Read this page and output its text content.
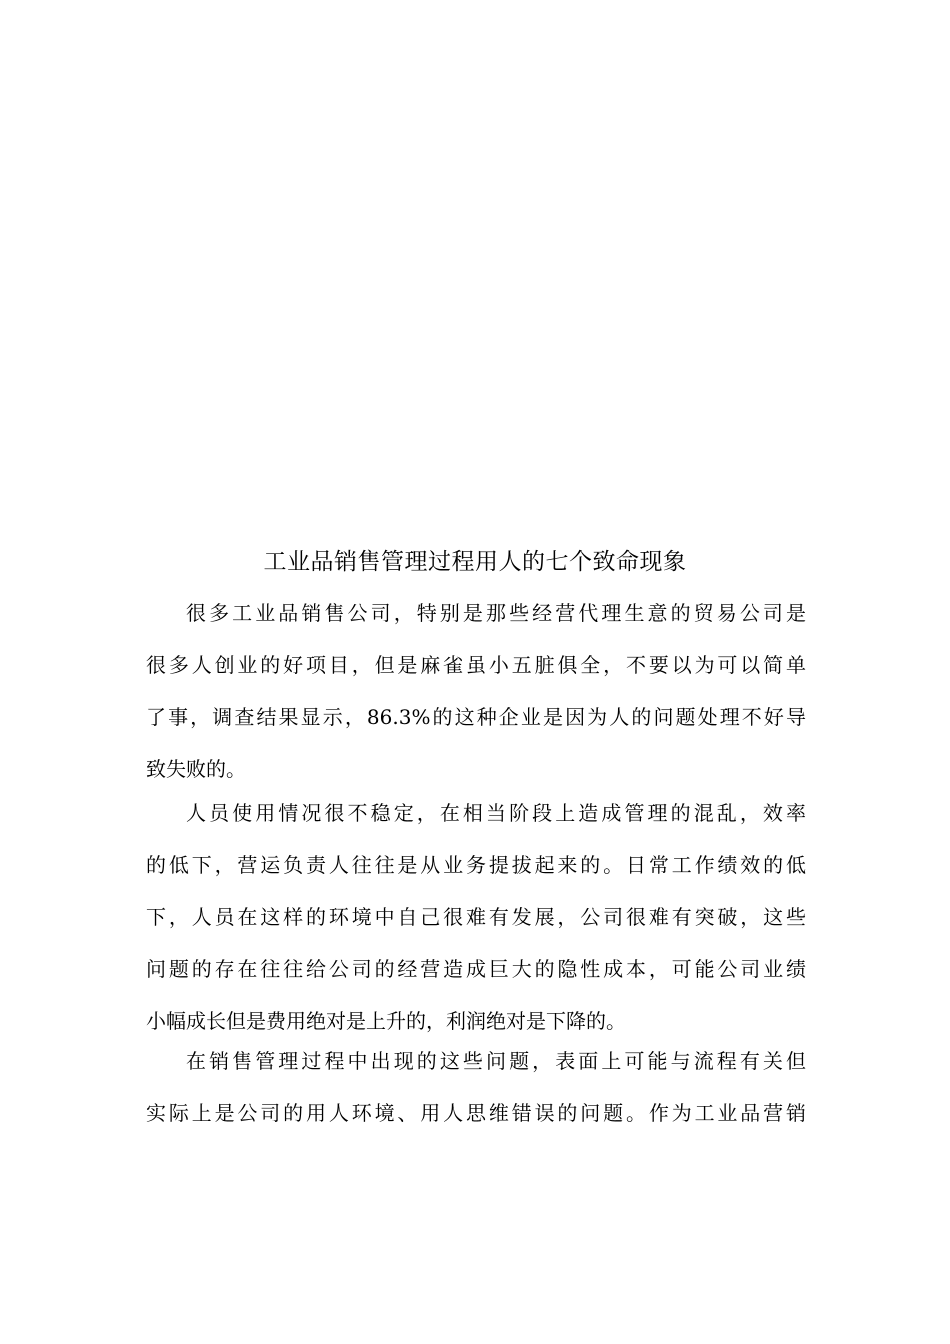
工业品销售管理过程用人的七个致命现象
很多工业品销售公司，特别是那些经营代理生意的贸易公司是
很多人创业的好项目，但是麻雀虽小五脏俱全，不要以为可以简单
了事，调查结果显示，86.3%的这种企业是因为人的问题处理不好导
致失败的。
人员使用情况很不稳定，在相当阶段上造成管理的混乱，效率
的低下，营运负责人往往是从业务提拔起来的。日常工作绩效的低
下，人员在这样的环境中自己很难有发展，公司很难有突破，这些
问题的存在往往给公司的经营造成巨大的隐性成本，可能公司业绩
小幅成长但是费用绝对是上升的，利润绝对是下降的。
在销售管理过程中出现的这些问题，表面上可能与流程有关但
实际上是公司的用人环境、用人思维错误的问题。作为工业品营销
